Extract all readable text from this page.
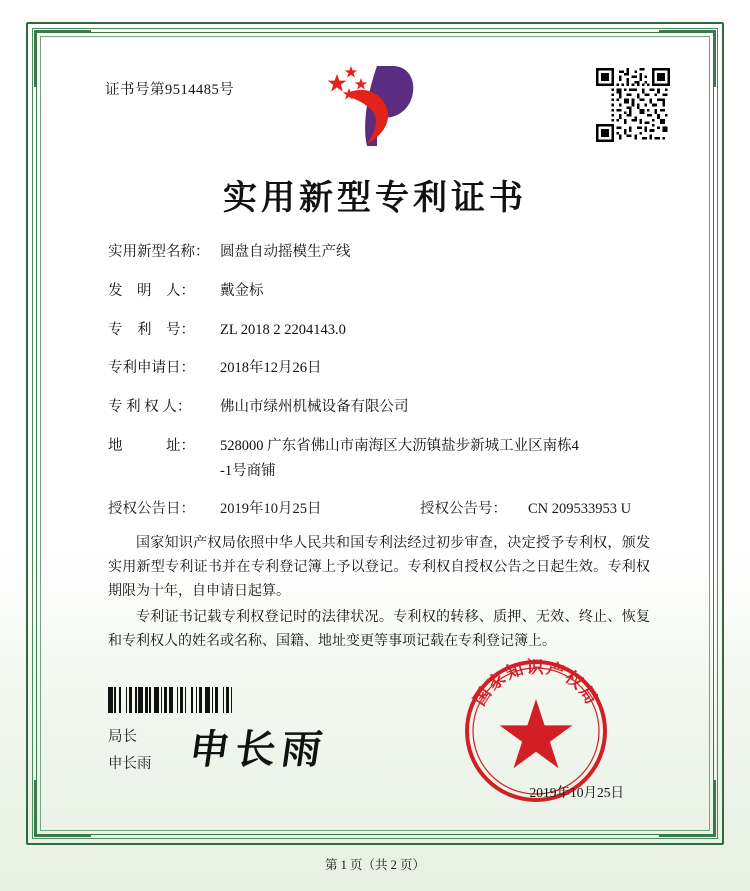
证书号第9514485号
实用新型专利证书
实用新型名称： 圆盘自动摇模生产线
发　明　人：	戴金标
专　利　号：	ZL 2018 2 2204143.0
专利申请日：	2018年12月26日
专 利 权 人：	佛山市绿州机械设备有限公司
地　　　址：	528000 广东省佛山市南海区大沥镇盐步新城工业区南栋4
-1号商铺
授权公告日：	2019年10月25日	授权公告号：	CN 209533953 U

国家知识产权局依照中华人民共和国专利法经过初步审查，决定授予专利权，颁发实用新型专利证书并在专利登记簿上予以登记。专利权自授权公告之日起生效。专利权期限为十年，自申请日起算。

专利证书记载专利权登记时的法律状况。专利权的转移、质押、无效、终止、恢复和专利权人的姓名或名称、国籍、地址变更等事项记载在专利登记簿上。

局长
申长雨 申长雨
国家知识产权局
2019年10月25日
第 1 页（共 2 页）
